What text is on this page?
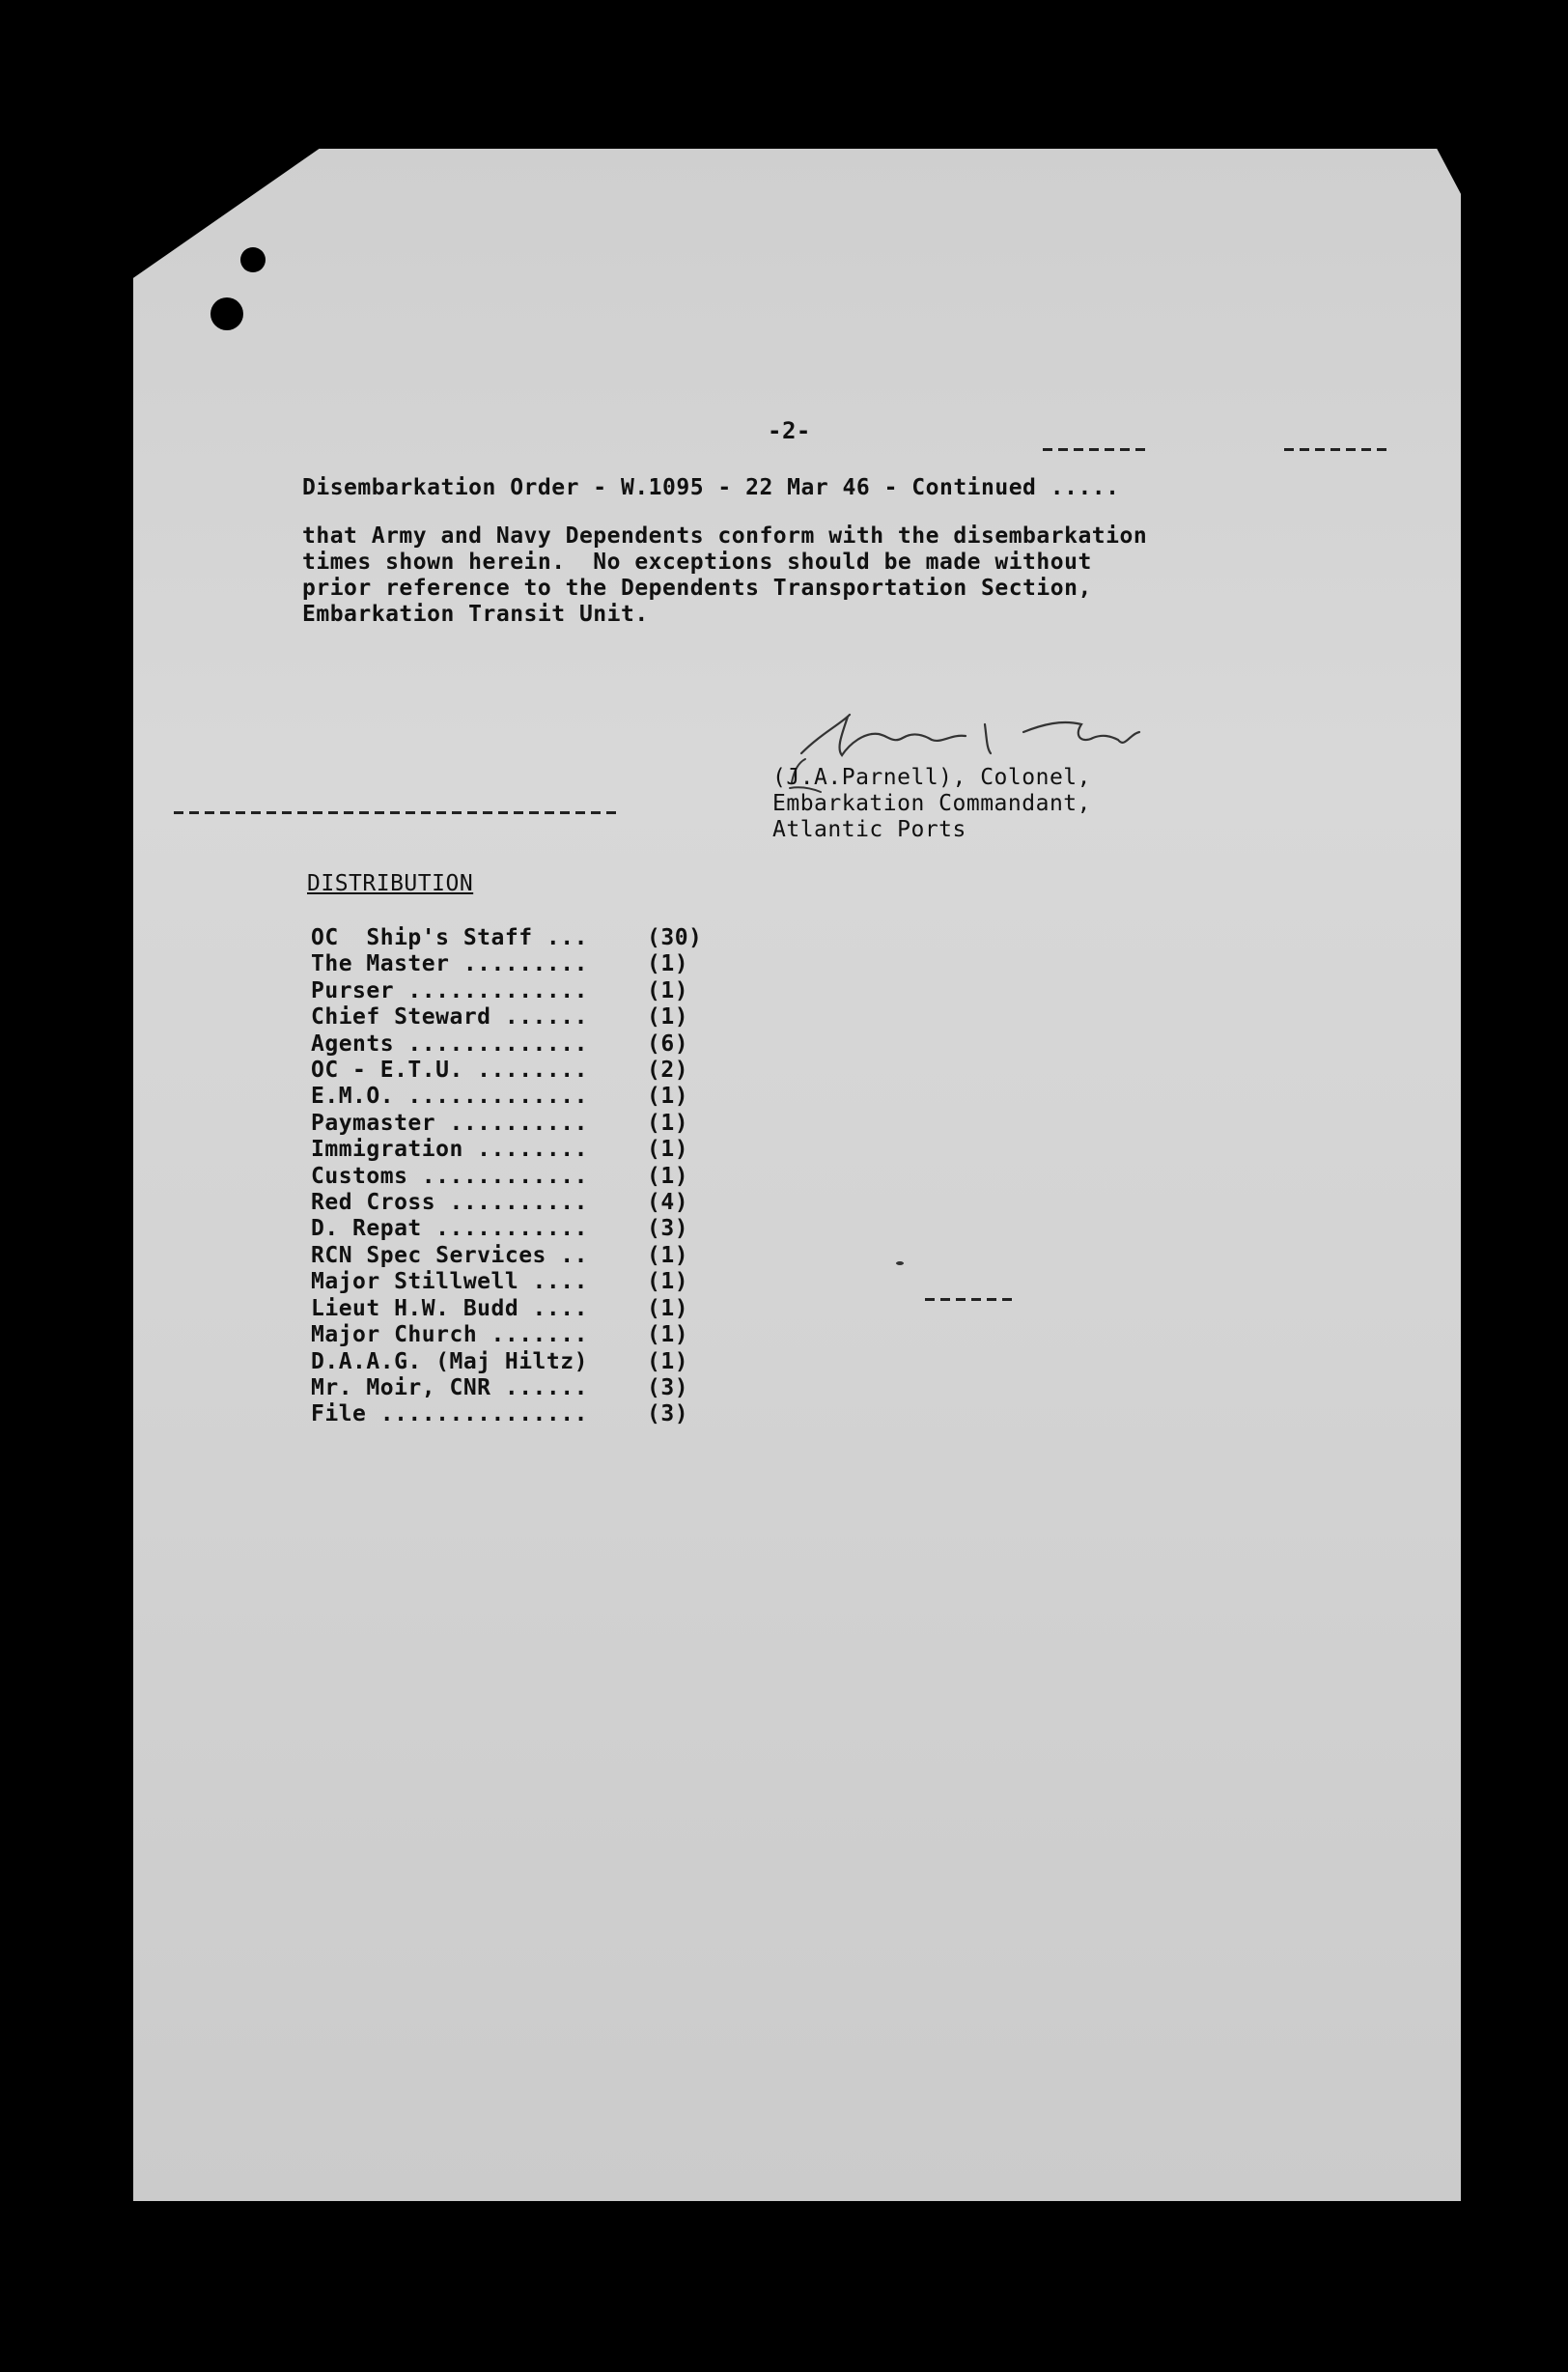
-2-
Disembarkation Order - W.1095 - 22 Mar 46 - Continued .....
that Army and Navy Dependents conform with the disembarkation
times shown herein.  No exceptions should be made without
prior reference to the Dependents Transportation Section,
Embarkation Transit Unit.
(J.A.Parnell), Colonel,
Embarkation Commandant,
Atlantic Ports
DISTRIBUTION
OC  Ship's Staff ...	(30)
The Master .........	(1)
Purser .............	(1)
Chief Steward ......	(1)
Agents .............	(6)
OC - E.T.U. ........	(2)
E.M.O. .............	(1)
Paymaster ..........	(1)
Immigration ........	(1)
Customs ............	(1)
Red Cross ..........	(4)
D. Repat ...........	(3)
RCN Spec Services ..	(1)
Major Stillwell ....	(1)
Lieut H.W. Budd ....	(1)
Major Church .......	(1)
D.A.A.G. (Maj Hiltz)	(1)
Mr. Moir, CNR ......	(3)
File ...............	(3)
